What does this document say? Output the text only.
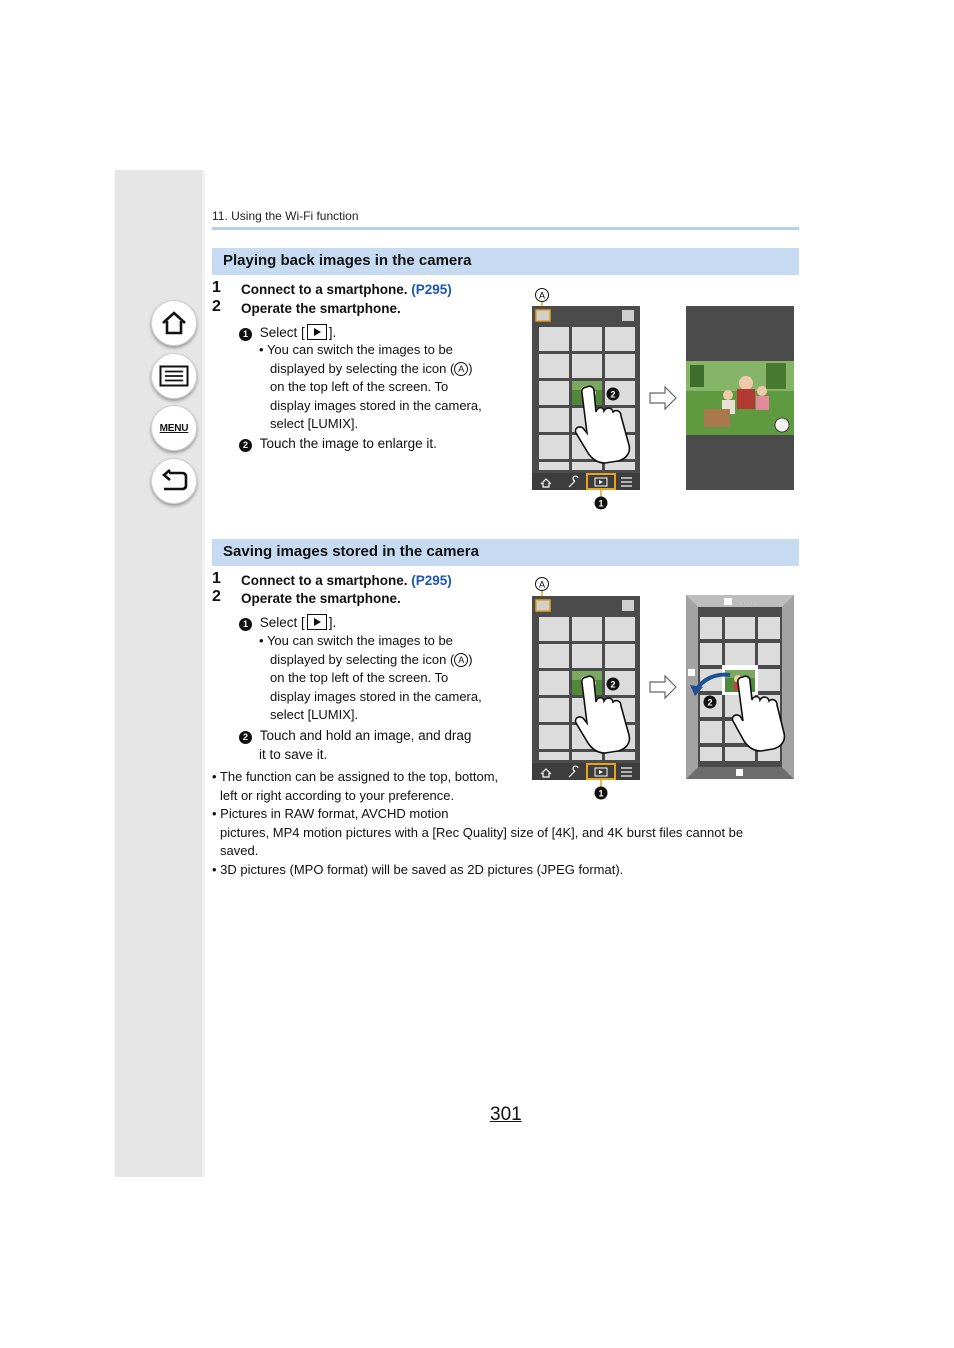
MENU
11. Using the Wi-Fi function
Playing back images in the camera
1 Connect to a smartphone. (P295)
2 Operate the smartphone.
1 Select [ ].
• You can switch the images to be
displayed by selecting the icon ( A )
on the top left of the screen. To
display images stored in the camera,
select [LUMIX].
2 Touch the image to enlarge it.
A
1
2
Saving images stored in the camera
1 Connect to a smartphone. (P295)
2 Operate the smartphone.
1 Select [ ].
• You can switch the images to be
displayed by selecting the icon ( A )
on the top left of the screen. To
display images stored in the camera,
select [LUMIX].
2 Touch and hold an image, and drag
it to save it.
A
1
2
· · · · ·
2
• The function can be assigned to the top, bottom,
left or right according to your preference.
• Pictures in RAW format, AVCHD motion
pictures, MP4 motion pictures with a [Rec Quality] size of [4K], and 4K burst files cannot be
saved.
• 3D pictures (MPO format) will be saved as 2D pictures (JPEG format).
301
